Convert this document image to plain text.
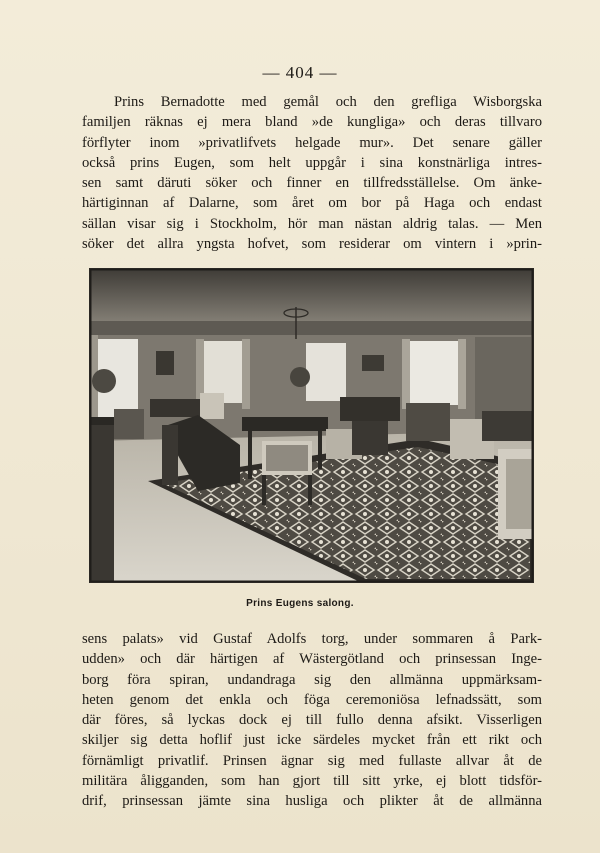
— 404 —
Prins Bernadotte med gemål och den grefliga Wisborgska
familjen räknas ej mera bland »de kungliga» och deras tillvaro
förflyter inom »privatlifvets helgade mur». Det senare gäller
också prins Eugen, som helt uppgår i sina konstnärliga intres-
sen samt däruti söker och finner en tillfredsställelse. Om änke-
härtiginnan af Dalarne, som året om bor på Haga och endast
sällan visar sig i Stockholm, hör man nästan aldrig talas. — Men
söker det allra yngsta hofvet, som residerar om vintern i »prin-
Prins Eugens salong.
sens palats» vid Gustaf Adolfs torg, under sommaren å Park-
udden» och där härtigen af Wästergötland och prinsessan Inge-
borg föra spiran, undandraga sig den allmänna uppmärksam-
heten genom det enkla och föga ceremoniösa lefnadssätt, som
där föres, så lyckas dock ej till fullo denna afsikt. Visserligen
skiljer sig detta hoflif just icke särdeles mycket från ett rikt och
förnämligt privatlif. Prinsen ägnar sig med fullaste allvar åt de
militära åligganden, som han gjort till sitt yrke, ej blott tidsför-
drif, prinsessan jämte sina husliga och plikter åt de allmänna
